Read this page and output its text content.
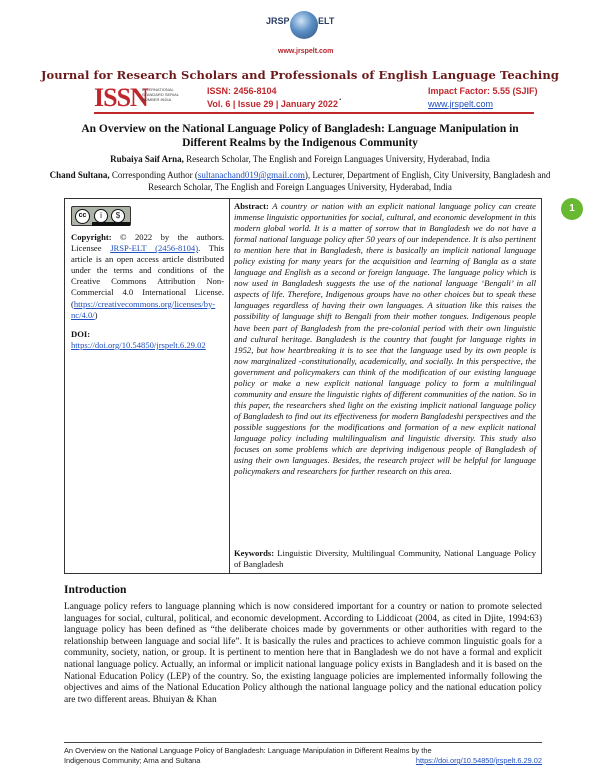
JRSP	ELT
www.jrspelt.com
Journal for Research Scholars and Professionals of English Language Teaching
ISSN
INTERNATIONAL STANDARD SERIAL NUMBER INDIA
ISSN: 2456-8104	Impact Factor: 5.55 (SJIF)
Vol. 6 | Issue 29 | January 2022
.
www.jrspelt.com
An Overview on the National Language Policy of Bangladesh: Language Manipulation in Different Realms by the Indigenous Community
Rubaiya Saif Arna, Research Scholar, The English and Foreign Languages University, Hyderabad, India
Chand Sultana, Corresponding Author (sultanachand019@gmail.com), Lecturer, Department of English, City University, Bangladesh and Research Scholar, The English and Foreign Languages University, Hyderabad, India
cc	i	$
Copyright: © 2022 by the authors. Licensee JRSP-ELT (2456-8104). This article is an open access article distributed under the terms and conditions of the Creative Commons Attribution Non-Commercial 4.0 International License. (https://creativecommons.org/licenses/by-nc/4.0/)
DOI:
https://doi.org/10.54850/jrspelt.6.29.02
Abstract: A country or nation with an explicit national language policy can create immense linguistic opportunities for social, cultural, and economic development in this modern global world. It is a matter of sorrow that in Bangladesh we do not have a formal national language policy after 50 years of our independence. It is also pertinent to mention here that in Bangladesh, there is basically an implicit national language policy existing for many years for the acquisition and learning of Bangla as a state language and English as a second or foreign language. The language policy which is now used in Bangladesh suggests the use of the national language ‘Bengali’ in all aspects of life. Therefore, Indigenous groups have no other choices but to speak these languages regardless of having their own languages. A situation like this raises the possibility of language shift to Bengali from their mother tongues. Indigenous people have been part of Bangladesh from the pre-colonial period with their own linguistic and cultural heritage. Bangladesh is the country that fought for language rights in 1952, but how heartbreaking it is to see that the language used by its own people is now marginalized -constitutionally, academically, and socially. In this perspective, the government and policymakers can think of the modification of our existing language policy or make a new explicit national language policy to form a multilingual community and ensure the linguistic rights of different communities of the nation. So in this paper, the researchers shed light on the existing implicit national language policy of Bangladesh to find out its effectiveness for modern Bangladeshi perspectives and the possible suggestions for the modifications and formation of a new explicit national language policy including multilingualism and linguistic diversity. This study also focuses on some problems which are depriving indigenous people of Bangladesh of using their own languages. Besides, the research project will be helpful for language policymakers and researchers for further research on this area.
Keywords: Linguistic Diversity, Multilingual Community, National Language Policy of Bangladesh
1
Introduction
Language policy refers to language planning which is now considered important for a country or nation to promote selected languages for social, cultural, political, and economic development. According to Liddicoat (2004, as cited in Djite, 1994:63) language policy has been defined as “the deliberate choices made by governments or other authorities with regard to the relationship between language and social life”. It is basically the rules and practices to achieve common linguistic goals for a community, society, nation, or group. It is pertinent to mention here that in Bangladesh we do not have a formal and explicit national language policy. Actually, an informal or implicit national language policy exists in Bangladesh and it is based on the National Education Policy (LEP) of the country. So, the existing language policies are implemented informally following the objectives and aims of the National Education Policy although the national language policy and the national education policy are two different areas. Bhuiyan & Khan
An Overview on the National Language Policy of Bangladesh: Language Manipulation in Different Realms by the
Indigenous Community; Arna and Sultana	https://doi.org/10.54850/jrspelt.6.29.02
